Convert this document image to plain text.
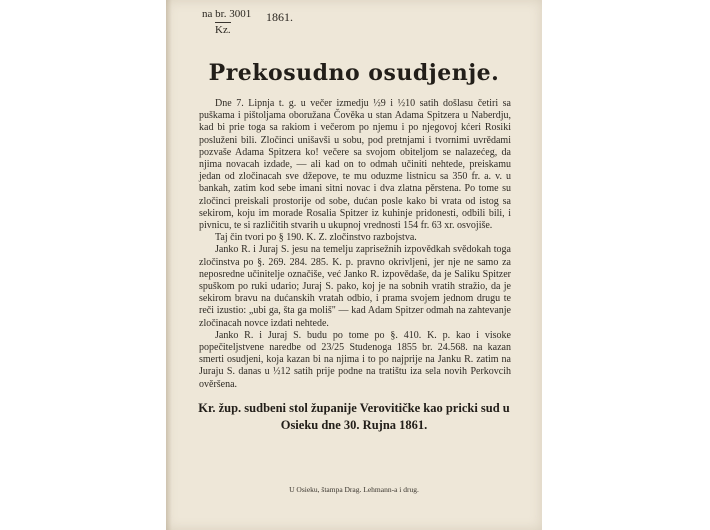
na br. 3001
Kz.
1861.
Prekosudno osudjenje.

Dne 7. Lipnja t. g. u večer izmedju ½9 i ½10 satih došlasu četiri sa puškama i pištoljama oboružana Čověka u stan Adama Spitzera u Naberdju, kad bi prie toga sa rakiom i večerom po njemu i po njegovoj kćeri Rosiki posluženi bili. Zločinci unišavši u sobu, pod pretnjami i tvornimi uvrědami pozvaše Adama Spitzera ko! večere sa svojom obiteljom se nalazećeg, da njima novacah izdade, — ali kad on to odmah učiniti nehtede, preiskamu jedan od zločinacah sve džepove, te mu oduzme listnicu sa 350 fr. a. v. u bankah, zatim kod sebe imani sitni novac i dva zlatna pěrstena. Po tome su zločinci preiskali prostorije od sobe, dućan posle kako bi vrata od istog sa sekirom, koju im morade Rosalia Spitzer iz kuhinje pridonesti, odbili bili, i pivnicu, te si različitih stvarih u ukupnoj vrednosti 154 fr. 63 xr. osvojiše.

Taj čin tvori po § 190. K. Z. zločinstvo razbojstva.

Janko R. i Juraj S. jesu na temelju zaprisežnih izpovědkah svědokah toga zločinstva po §. 269. 284. 285. K. p. pravno okrivljeni, jer nje ne samo za neposredne učinitelje označiše, već Janko R. izpovědaše, da je Saliku Spitzer spuškom po ruki udario; Juraj S. pako, koj je na sobnih vratih stražio, da je sekirom bravu na dućanskih vratah odbio, i prama svojem jednom drugu te reči izustio: „ubi ga, šta ga moliš" — kad Adam Spitzer odmah na zahtevanje zločinacah novce izdati nehtede.

Janko R. i Juraj S. budu po tome po §. 410. K. p. kao i visoke popečiteljstvene naredbe od 23/25 Studenoga 1855 br. 24.568. na kazan smerti osudjeni, koja kazan bi na njima i to po najprije na Janku R. zatim na Juraju S. danas u ½12 satih prije podne na tratištu iza sela novih Perkovcih ověršena.

Kr. žup. sudbeni stol županije Verovitičke kao pricki sud u Osieku dne 30. Rujna 1861.
U Osieku, štampa Drag. Lehmann-a i drug.
